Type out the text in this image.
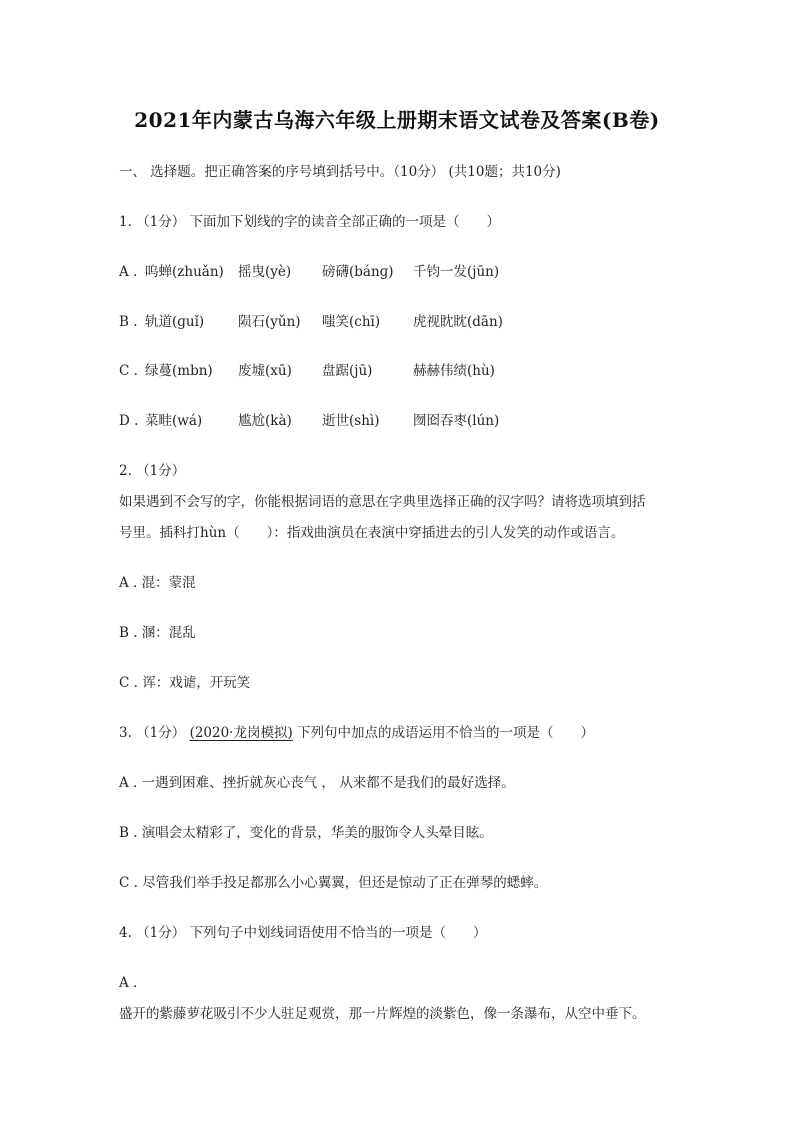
2021年内蒙古乌海六年级上册期末语文试卷及答案(B卷)
一、 选择题。把正确答案的序号填到括号中。（10分） (共10题；共10分)
1. （1分） 下面加下划线的字的读音全部正确的一项是（　　）
A . 呜蝉(zhuǎn) 摇曳(yè) 磅礴(bánɡ) 千钧一发(jūn)
B . 轨道(ɡuǐ)	陨石(yǔn) 嗤笑(chī) 虎视眈眈(dān)
C . 绿蔓(mbn) 废墟(xū) 盘踞(jū)	赫赫伟绩(hù)
D . 菜畦(wá)	尴尬(kà) 逝世(shì) 囫囵吞枣(lún)
2. （1分）
如果遇到不会写的字，你能根据词语的意思在字典里选择正确的汉字吗？请将选项填到括
号里。插科打hùn（　　）：指戏曲演员在表演中穿插进去的引人发笑的动作或语言。
A . 混：蒙混
B . 溷：混乱
C . 诨：戏谑，开玩笑
3. （1分） (2020·龙岗模拟) 下列句中加点的成语运用不恰当的一项是（　　）
A . 一遇到困难、挫折就灰心丧气 ， 从来都不是我们的最好选择。
B . 演唱会太精彩了，变化的背景，华美的服饰令人头晕目眩。
C . 尽管我们举手投足都那么小心翼翼，但还是惊动了正在弹琴的蟋蟀。
4. （1分） 下列句子中划线词语使用不恰当的一项是（　　）
A .
盛开的紫藤萝花吸引不少人驻足观赏，那一片辉煌的淡紫色，像一条瀑布，从空中垂下。
